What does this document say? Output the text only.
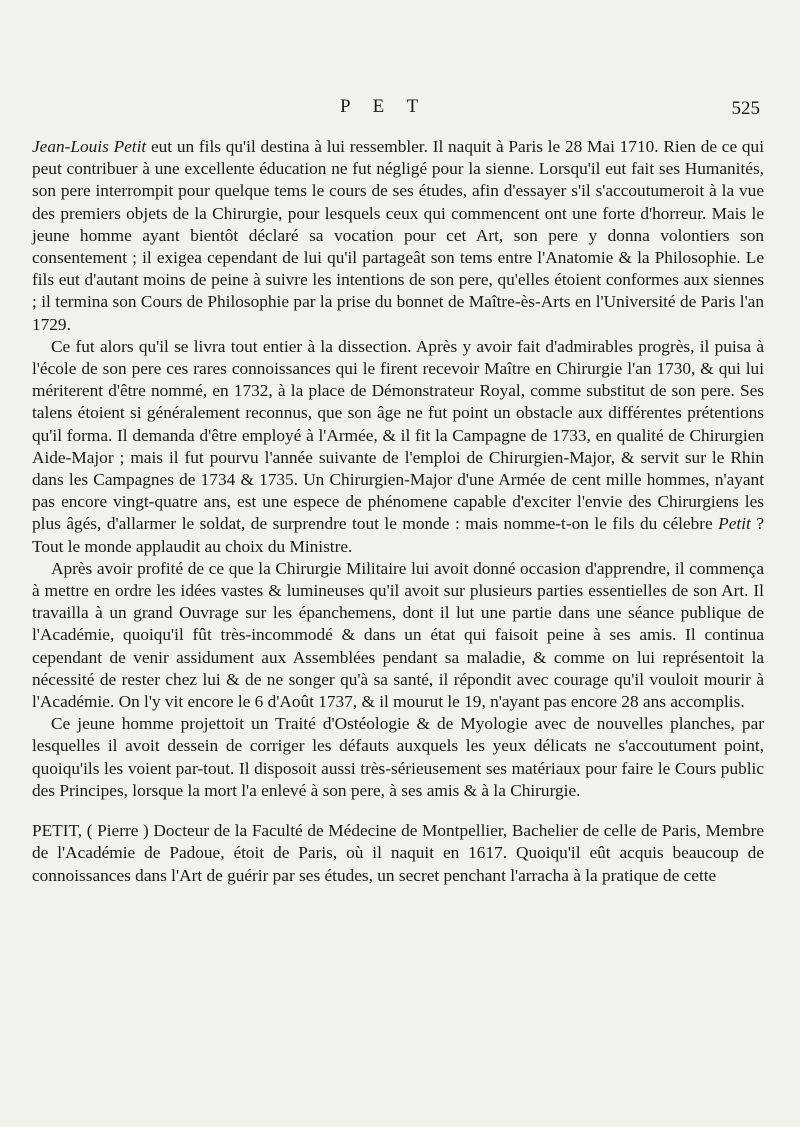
P E T	525

Jean-Louis Petit eut un fils qu'il destina à lui ressembler. Il naquit à Paris le 28 Mai 1710. Rien de ce qui peut contribuer à une excellente éducation ne fut négligé pour la sienne. Lorsqu'il eut fait ses Humanités, son pere interrompit pour quelque tems le cours de ses études, afin d'essayer s'il s'accoutumeroit à la vue des premiers objets de la Chirurgie, pour lesquels ceux qui commencent ont une forte d'horreur. Mais le jeune homme ayant bientôt déclaré sa vocation pour cet Art, son pere y donna volontiers son consentement ; il exigea cependant de lui qu'il partageât son tems entre l'Anatomie & la Philosophie. Le fils eut d'autant moins de peine à suivre les intentions de son pere, qu'elles étoient conformes aux siennes ; il termina son Cours de Philosophie par la prise du bonnet de Maître-ès-Arts en l'Université de Paris l'an 1729.

Ce fut alors qu'il se livra tout entier à la dissection. Après y avoir fait d'admirables progrès, il puisa à l'école de son pere ces rares connoissances qui le firent recevoir Maître en Chirurgie l'an 1730, & qui lui mériterent d'être nommé, en 1732, à la place de Démonstrateur Royal, comme substitut de son pere. Ses talens étoient si généralement reconnus, que son âge ne fut point un obstacle aux différentes prétentions qu'il forma. Il demanda d'être employé à l'Armée, & il fit la Campagne de 1733, en qualité de Chirurgien Aide-Major ; mais il fut pourvu l'année suivante de l'emploi de Chirurgien-Major, & servit sur le Rhin dans les Campagnes de 1734 & 1735. Un Chirurgien-Major d'une Armée de cent mille hommes, n'ayant pas encore vingt-quatre ans, est une espece de phénomene capable d'exciter l'envie des Chirurgiens les plus âgés, d'allarmer le soldat, de surprendre tout le monde : mais nomme-t-on le fils du célebre Petit ? Tout le monde applaudit au choix du Ministre.

Après avoir profité de ce que la Chirurgie Militaire lui avoit donné occasion d'apprendre, il commença à mettre en ordre les idées vastes & lumineuses qu'il avoit sur plusieurs parties essentielles de son Art. Il travailla à un grand Ouvrage sur les épanchemens, dont il lut une partie dans une séance publique de l'Académie, quoiqu'il fût très-incommodé & dans un état qui faisoit peine à ses amis. Il continua cependant de venir assidument aux Assemblées pendant sa maladie, & comme on lui représentoit la nécessité de rester chez lui & de ne songer qu'à sa santé, il répondit avec courage qu'il vouloit mourir à l'Académie. On l'y vit encore le 6 d'Août 1737, & il mourut le 19, n'ayant pas encore 28 ans accomplis.

Ce jeune homme projettoit un Traité d'Ostéologie & de Myologie avec de nouvelles planches, par lesquelles il avoit dessein de corriger les défauts auxquels les yeux délicats ne s'accoutument point, quoiqu'ils les voient par-tout. Il disposoit aussi très-sérieusement ses matériaux pour faire le Cours public des Principes, lorsque la mort l'a enlevé à son pere, à ses amis & à la Chirurgie.

PETIT, ( Pierre ) Docteur de la Faculté de Médecine de Montpellier, Bachelier de celle de Paris, Membre de l'Académie de Padoue, étoit de Paris, où il naquit en 1617. Quoiqu'il eût acquis beaucoup de connoissances dans l'Art de guérir par ses études, un secret penchant l'arracha à la pratique de cette
